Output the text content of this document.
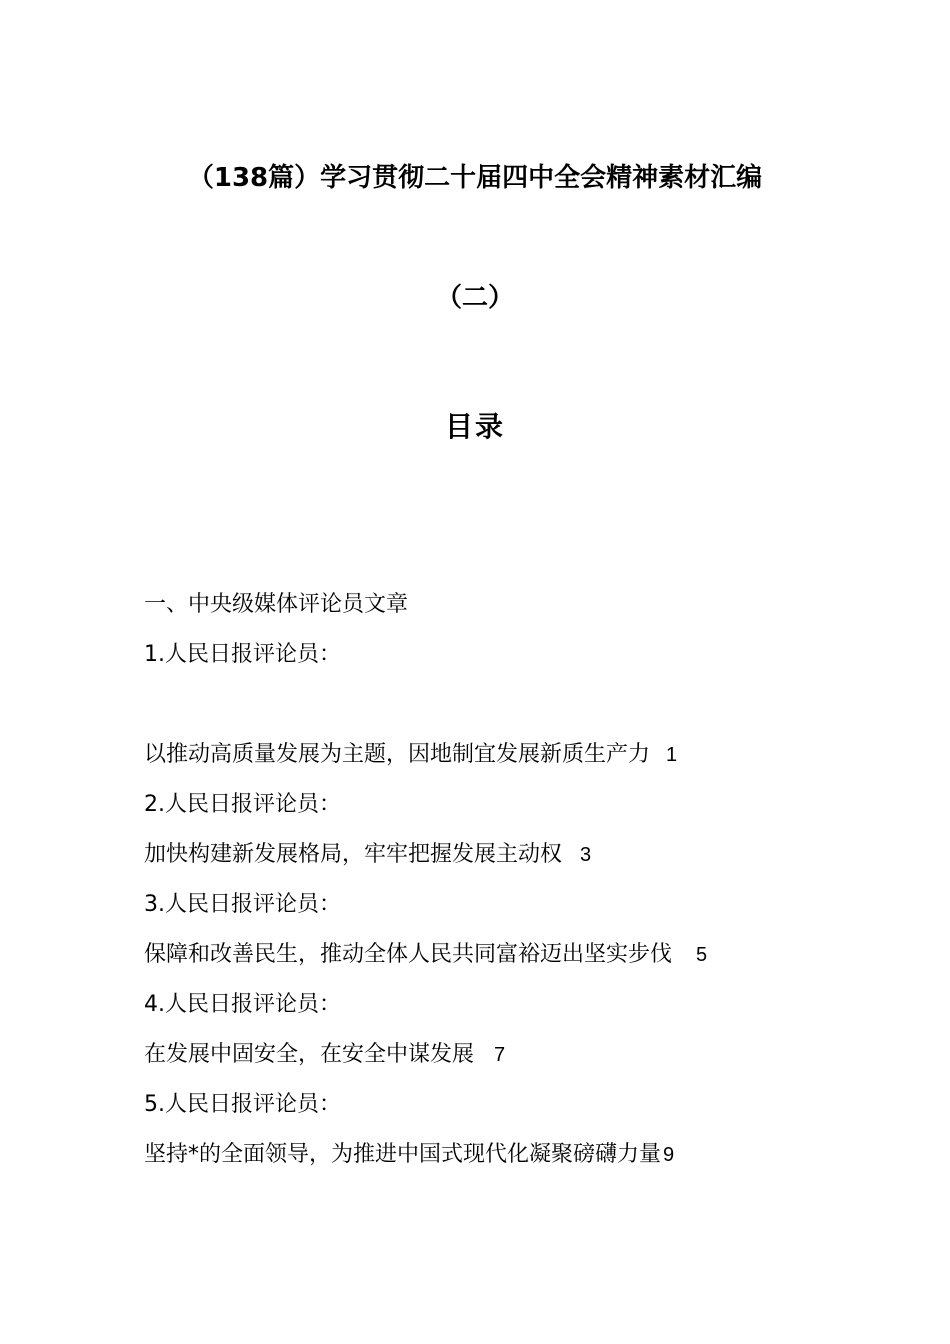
（138篇）学习贯彻二十届四中全会精神素材汇编
（二）
目录
一、中央级媒体评论员文章
1.人民日报评论员：
以推动高质量发展为主题，因地制宜发展新质生产力 1
2.人民日报评论员：
加快构建新发展格局，牢牢把握发展主动权 3
3.人民日报评论员：
保障和改善民生，推动全体人民共同富裕迈出坚实步伐 5
4.人民日报评论员：
在发展中固安全，在安全中谋发展 7
5.人民日报评论员：
坚持*的全面领导，为推进中国式现代化凝聚磅礴力量 9
